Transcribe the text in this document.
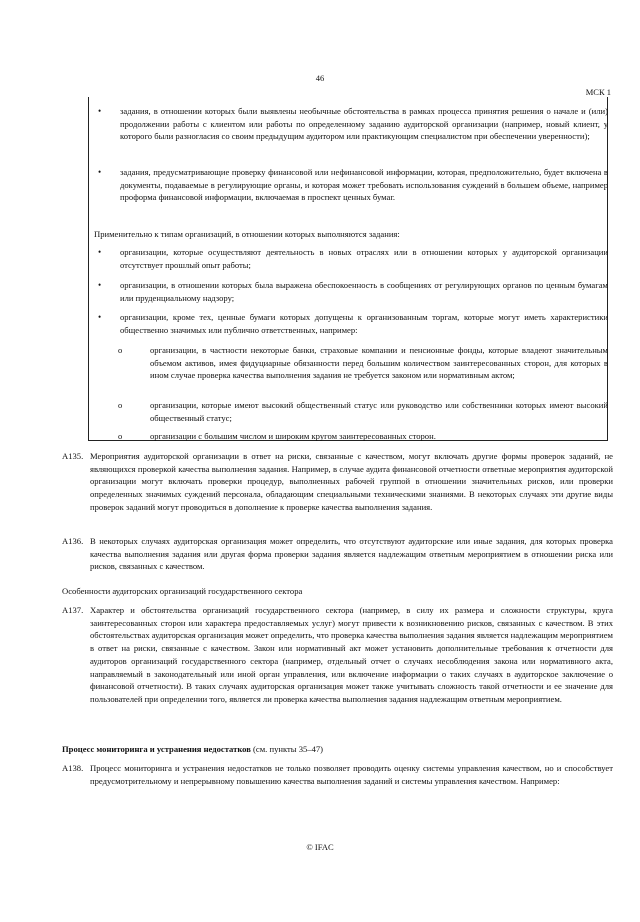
46
МСК 1
• задания, в отношении которых были выявлены необычные обстоятельства в рамках процесса принятия решения о начале и (или) продолжении работы с клиентом или работы по определенному заданию аудиторской организации (например, новый клиент, у которого были разногласия со своим предыдущим аудитором или практикующим специалистом при обеспечении уверенности);
• задания, предусматривающие проверку финансовой или нефинансовой информации, которая, предположительно, будет включена в документы, подаваемые в регулирующие органы, и которая может требовать использования суждений в большем объеме, например проформа финансовой информации, включаемая в проспект ценных бумаг.
Применительно к типам организаций, в отношении которых выполняются задания:
• организации, которые осуществляют деятельность в новых отраслях или в отношении которых у аудиторской организации отсутствует прошлый опыт работы;
• организации, в отношении которых была выражена обеспокоенность в сообщениях от регулирующих органов по ценным бумагам или пруденциальному надзору;
• организации, кроме тех, ценные бумаги которых допущены к организованным торгам, которые могут иметь характеристики общественно значимых или публично ответственных, например:
o	организации, в частности некоторые банки, страховые компании и пенсионные фонды, которые владеют значительным объемом активов, имея фидуциарные обязанности перед большим количеством заинтересованных сторон, для которых в ином случае проверка качества выполнения задания не требуется законом или нормативным актом;
o	организации, которые имеют высокий общественный статус или руководство или собственники которых имеют высокий общественный статус;
o	организации с большим числом и широким кругом заинтересованных сторон.
A135. Мероприятия аудиторской организации в ответ на риски, связанные с качеством, могут включать другие формы проверок заданий, не являющихся проверкой качества выполнения задания. Например, в случае аудита финансовой отчетности ответные мероприятия аудиторской организации могут включать проверки процедур, выполненных рабочей группой в отношении значительных рисков, или проверки определенных значимых суждений персонала, обладающим специальными техническими знаниями. В некоторых случаях эти другие виды проверок заданий могут проводиться в дополнение к проверке качества выполнения задания.
A136. В некоторых случаях аудиторская организация может определить, что отсутствуют аудиторские или иные задания, для которых проверка качества выполнения задания или другая форма проверки задания является надлежащим ответным мероприятием в отношении риска или рисков, связанных с качеством.
Особенности аудиторских организаций государственного сектора
A137. Характер и обстоятельства организаций государственного сектора (например, в силу их размера и сложности структуры, круга заинтересованных сторон или характера предоставляемых услуг) могут привести к возникновению рисков, связанных с качеством. В этих обстоятельствах аудиторская организация может определить, что проверка качества выполнения задания является надлежащим мероприятием в ответ на риски, связанные с качеством. Закон или нормативный акт может установить дополнительные требования к отчетности для аудиторов организаций государственного сектора (например, отдельный отчет о случаях несоблюдения закона или нормативного акта, направляемый в законодательный или иной орган управления, или включение информации о таких случаях в аудиторское заключение о финансовой отчетности). В таких случаях аудиторская организация может также учитывать сложность такой отчетности и ее значение для пользователей при определении того, является ли проверка качества выполнения задания надлежащим ответным мероприятием.
Процесс мониторинга и устранения недостатков (см. пункты 35–47)
A138. Процесс мониторинга и устранения недостатков не только позволяет проводить оценку системы управления качеством, но и способствует предусмотрительному и непрерывному повышению качества выполнения заданий и системы управления качеством. Например:
© IFAC
